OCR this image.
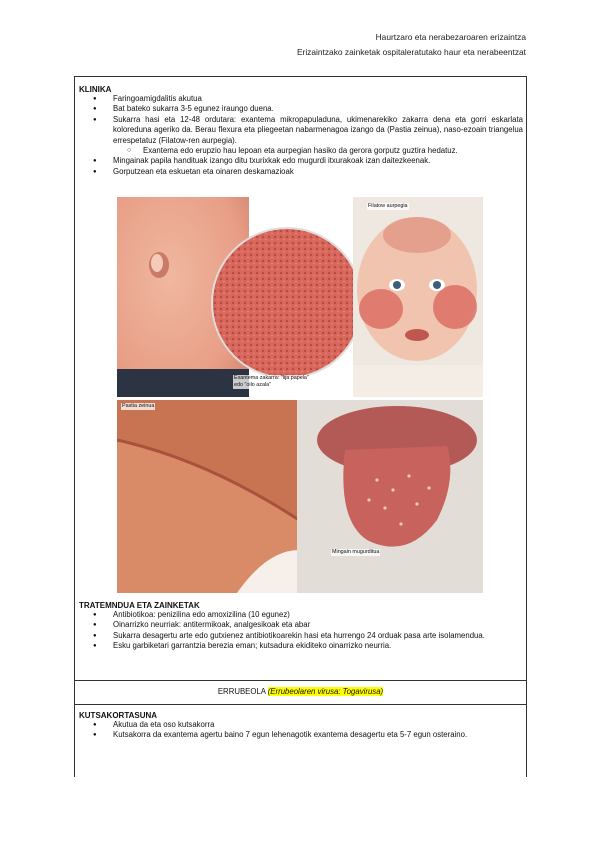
Haurtzaro eta nerabezaroaren erizaintza
Erizaintzako zainketak ospitaleratutako haur eta nerabeentzat

KLINIKA

● Faringoamigdalitis akutua
● Bat bateko sukarra 3-5 egunez iraungo duena.
● Sukarra hasi eta 12-48 ordutara: exantema mikropapuladuna, ukimenarekiko zakarra dena eta gorri eskarlata koloreduna ageriko da. Berau flexura eta pliegeetan nabarmenagoa izango da (Pastia zeinua), naso-ezoain triangelua errespetatuz (Filatow-ren aurpegia).
○ Exantema edo erupzio hau lepoan eta aurpegian hasiko da gerora gorputz guztira hedatuz.
● Mingainak papila handituak izango ditu txurixkak edo mugurdi itxurakoak izan daitezkeenak.
● Gorputzean eta eskuetan eta oinaren deskamazioak
Exantema zakarra: "lija papela"
edo "oilo azala"
Filatow aurpegia
Pastia zeinua
Mingain mugurditua

TRATEMNDUA ETA ZAINKETAK

● Antibiotikoa: penizilina edo amoxizilina (10 egunez)
● Oinarrizko neurriak: antitermikoak, analgesikoak eta abar
● Sukarra desagertu arte edo gutxienez antibiotikoarekin hasi eta hurrengo 24 orduak pasa arte isolamendua.
● Esku garbiketari garrantzia berezia eman; kutsadura ekiditeko oinarrizko neurria.
ERRUBEOLA (Errubeolaren virusa: Togavirusa)

KUTSAKORTASUNA

● Akutua da eta oso kutsakorra
● Kutsakorra da exantema agertu baino 7 egun lehenagotik exantema desagertu eta 5-7 egun osteraino.
